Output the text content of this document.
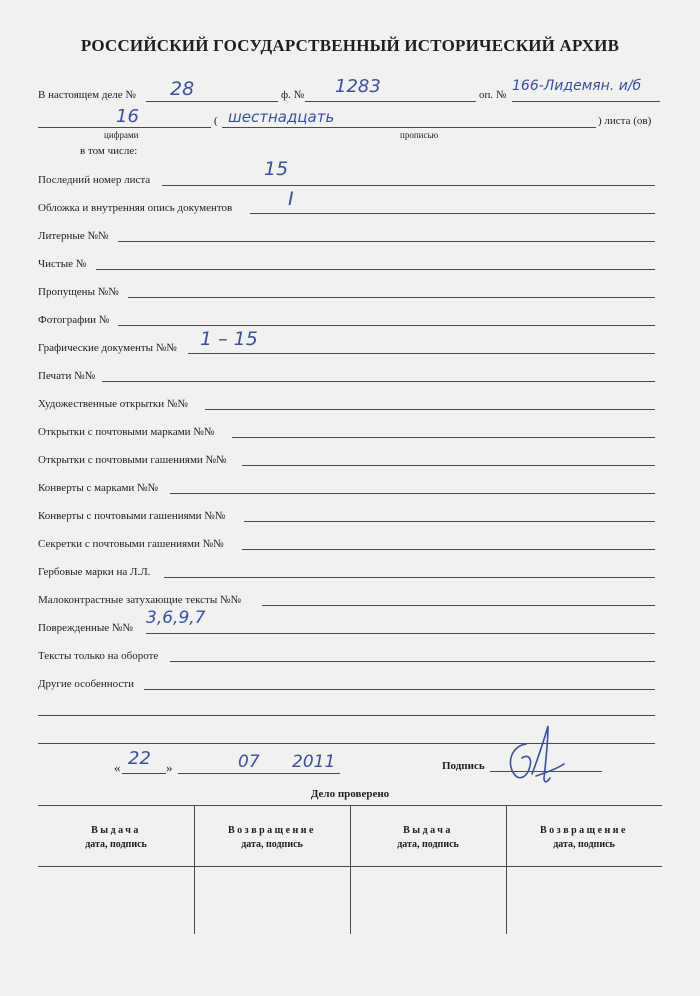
РОССИЙСКИЙ ГОСУДАРСТВЕННЫЙ ИСТОРИЧЕСКИЙ АРХИВ
В настоящем деле № 28	ф. № 1283	оп. №
166-Лидемян. и/б
16	( шестнадцать	) листа (ов)
цифрами	прописью
в том числе:
Последний номер листа	15
Обложка и внутренняя опись документов	I
Литерные №№
Чистые №
Пропущены №№
Фотографии №
Графические документы №№ 1 – 15
Печати №№
Художественные открытки №№
Открытки с почтовыми марками №№
Открытки с почтовыми гашениями №№
Конверты с марками №№
Конверты с почтовыми гашениями №№
Секретки с почтовыми гашениями №№
Гербовые марки на Л.Л.
Малоконтрастные затухающие тексты №№
Поврежденные №№ 3,6,9,7
Тексты только на обороте
Другие особенности
« 22 »	07 2011	Подпись
Дело проверено
Выдача
дата, подпись
Возвращение
дата, подпись
Выдача
дата, подпись
Возвращение
дата, подпись
